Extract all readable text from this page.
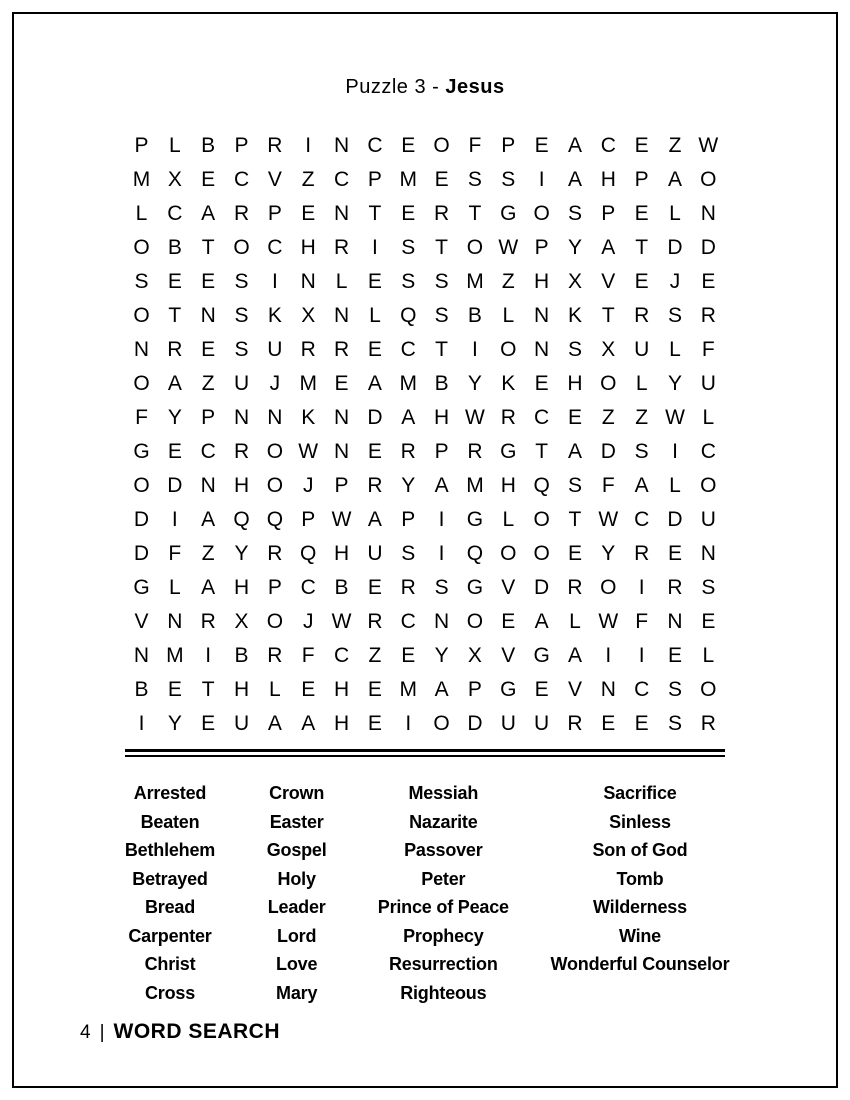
Puzzle 3 - Jesus
P L B P R	I	N C E O F P E A C E Z W
M X E C V Z C P M E S S	I	A H P A O
L C A R P E N T E R T G O S P E L N
O B T O C H R	I	S T O W P Y A T D D
S E E S	I	N L E S S M Z H X V E	J	E
O T N S K X N L Q S B L N K T R S R
N R E S U R R E C T	I	O N S X U L	F
O A Z U J M E A M B Y K E H O L Y U
F Y P N N K N D A H W R C E Z Z W L
G E C R O W N E R P R G T A D S	I	C
O D N H O J	P R Y A M H Q S F A L O
D	I	A Q Q P W A P	I	G L O T W C D U
D F Z Y R Q H U S	I	Q O O E Y R E N
G L A H P C B E R S G V D R O	I	R S
V N R X O J W R C N O E A L W F N E
N M	I	B R F C Z E Y X V G A	I	I	E L
B E T H L E H E M A P G E V N C S O
I	Y E U A A H E	I	O D U U R E E S R
Arrested
Beaten
Bethlehem
Betrayed
Bread
Carpenter
Christ
Cross
Crown
Easter
Gospel
Holy
Leader
Lord
Love
Mary
Messiah
Nazarite
Passover
Peter
Prince of Peace
Prophecy
Resurrection
Righteous
Sacrifice
Sinless
Son of God
Tomb
Wilderness
Wine
Wonderful Counselor
4 | WORD SEARCH
